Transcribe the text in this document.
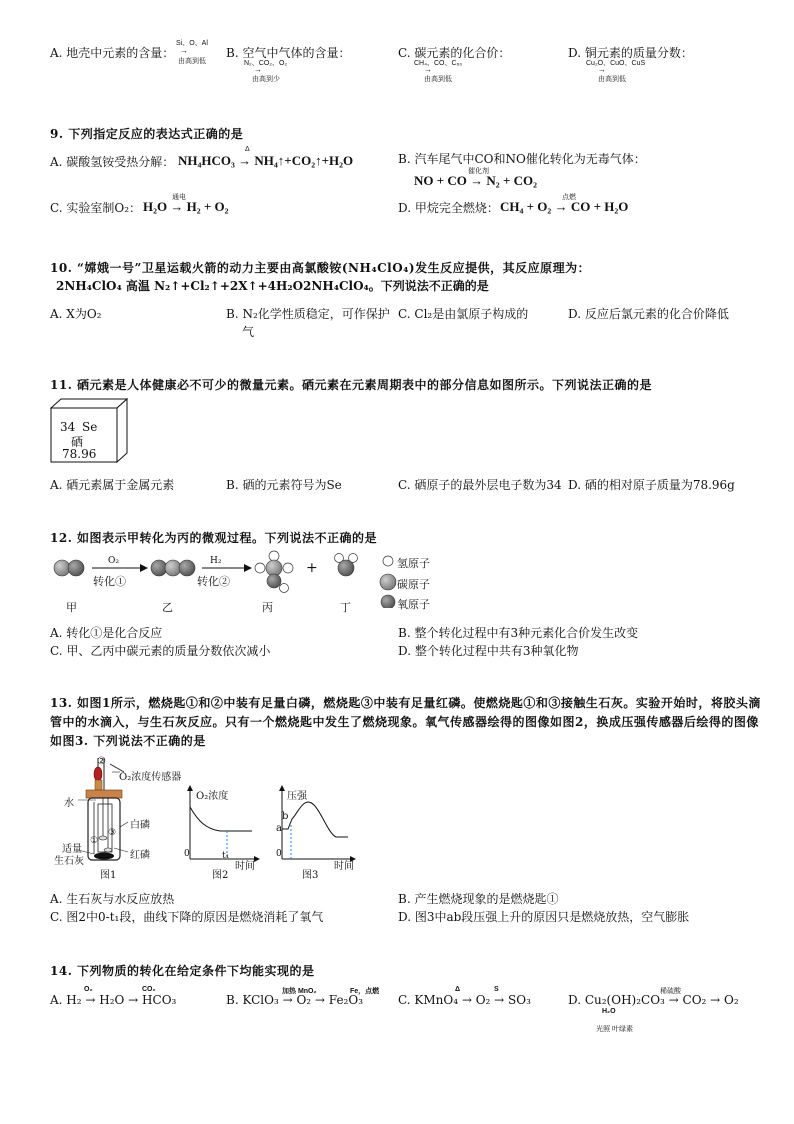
A. 地壳中元素的含量：
Si、O、Al
→
由高到低
B. 空气中气体的含量：
N₂、CO₂、O₂
→
由高到少
C. 碳元素的化合价：
CH₄、CO、C₆₀
→
由高到低
D. 铜元素的质量分数：
Cu₂O、CuO、CuS
→
由高到低
9. 下列指定反应的表达式正确的是
A. 碳酸氢铵受热分解：
Δ
NH₄HCO₃ → NH₄↑+CO₂↑+H₂O	B. 汽车尾气中CO和NO催化转化为无毒气体：
催化剂
NO + CO → N₂ + CO₂
C. 实验室制O₂：
通电
H₂O → H₂ + O₂	D. 甲烷完全燃烧：
点燃
CH₄ + O₂ → CO + H₂O
10. “嫦娥一号”卫星运载火箭的动力主要由高氯酸铵(NH₄ClO₄)发生反应提供，其反应原理为：
2NH₄ClO₄ 高温 N₂↑+Cl₂↑+2X↑+4H₂O2NH₄ClO₄。下列说法不正确的是
A. X为O₂	B. N₂化学性质稳定，可作保护
气
C. Cl₂是由氯原子构成的	D. 反应后氯元素的化合价降低
11. 硒元素是人体健康必不可少的微量元素。硒元素在元素周期表中的部分信息如图所示。下列说法正确的是
34 Se
硒
78.96
A. 硒元素属于金属元素	B. 硒的元素符号为Se	C. 硒原子的最外层电子数为34 D. 硒的相对原子质量为78.96g
12. 如图表示甲转化为丙的微观过程。下列说法不正确的是
O₂
转化①
H₂
转化②
+	氢原子
碳原子
氧原子
甲	乙	丙	丁
A. 转化①是化合反应	B. 整个转化过程中有3种元素化合价发生改变
C. 甲、乙丙中碳元素的质量分数依次减小	D. 整个转化过程中共有3种氧化物
13. 如图1所示，燃烧匙①和②中装有足量白磷，燃烧匙③中装有足量红磷。使燃烧匙①和③接触生石灰。实验开始时，将胶头滴
管中的水滴入，与生石灰反应。只有一个燃烧匙中发生了燃烧现象。氧气传感器绘得的图像如图2，换成压强传感器后绘得的图像
如图3. 下列说法不正确的是
②
O₂浓度传感器
水
白磷
③
①
红磷
适量
生石灰
图1
O₂浓度
0	t₁
时间
图2
压强
a
b
0
时间
图3
A. 生石灰与水反应放热	B. 产生燃烧现象的是燃烧匙①
C. 图2中0-t₁段，曲线下降的原因是燃烧消耗了氧气	D. 图3中ab段压强上升的原因只是燃烧放热，空气膨胀
14. 下列物质的转化在给定条件下均能实现的是
O₂	CO₂
A. H₂ → H₂O → HCO₃
加热 MnO₂	Fe，点燃
B. KClO₃ → O₂ → Fe₂O₃
Δ	S
C. KMnO₄ → O₂ → SO₃
稀硫酸
D. Cu₂(OH)₂CO₃ → CO₂ → O₂
H₂O
光照 叶绿素
